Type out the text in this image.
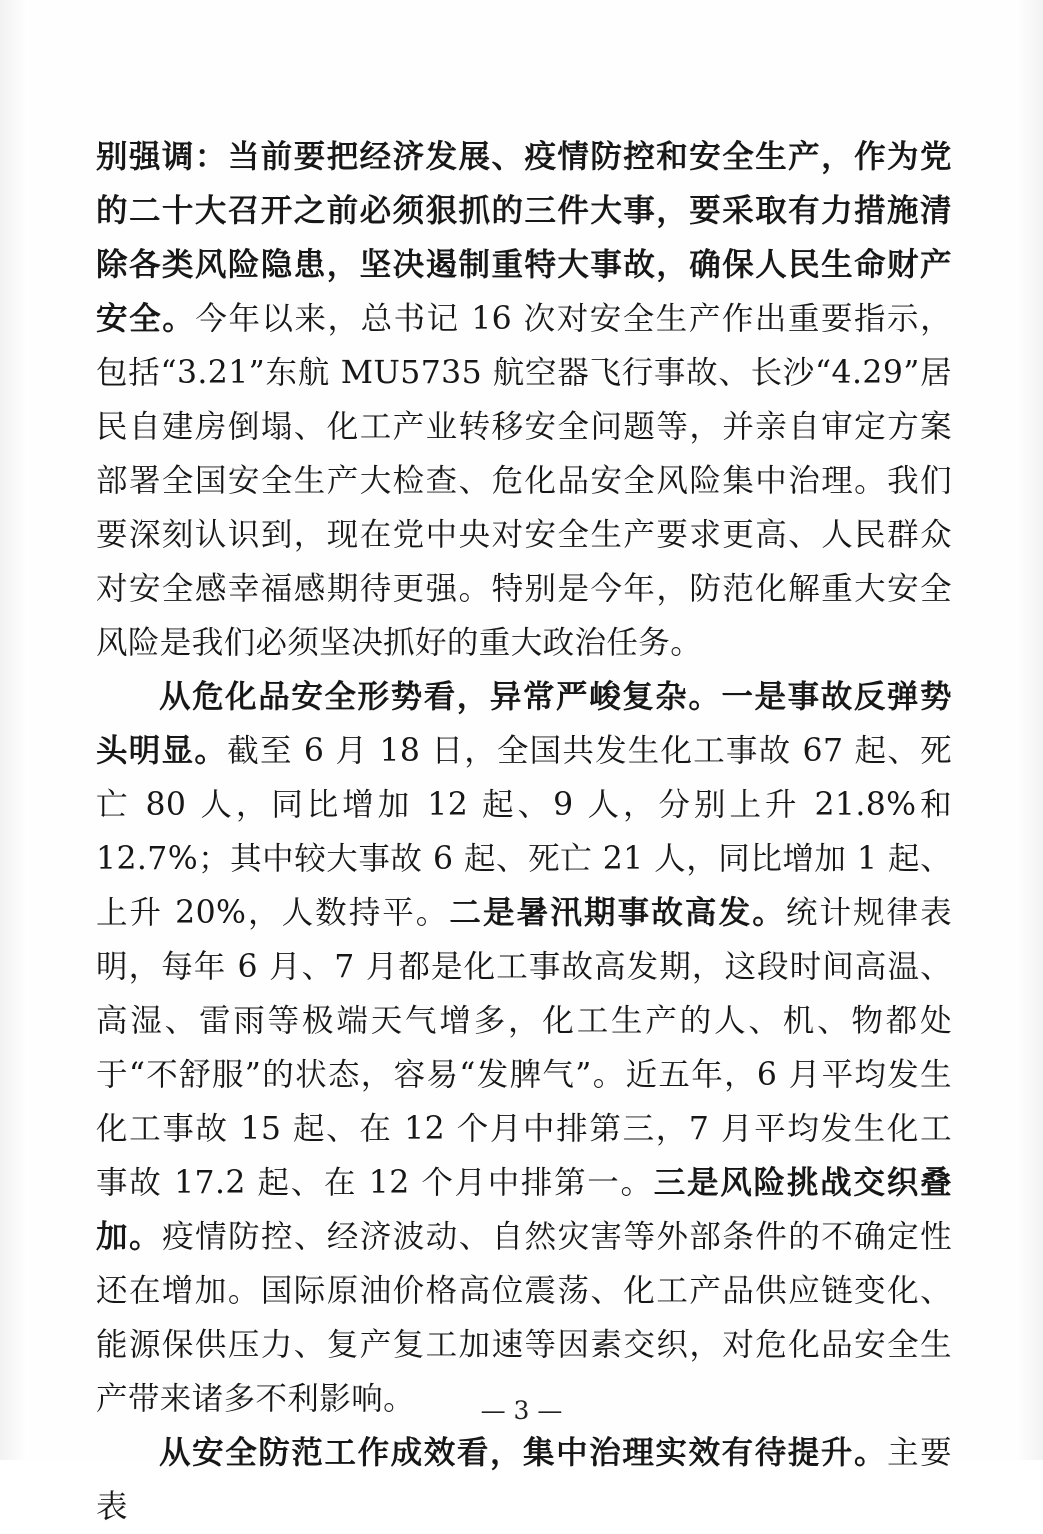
别强调：当前要把经济发展、疫情防控和安全生产，作为党的二十大召开之前必须狠抓的三件大事，要采取有力措施清除各类风险隐患，坚决遏制重特大事故，确保人民生命财产安全。今年以来，总书记 16 次对安全生产作出重要指示，包括“3.21”东航 MU5735 航空器飞行事故、长沙“4.29”居民自建房倒塌、化工产业转移安全问题等，并亲自审定方案部署全国安全生产大检查、危化品安全风险集中治理。我们要深刻认识到，现在党中央对安全生产要求更高、人民群众对安全感幸福感期待更强。特别是今年，防范化解重大安全风险是我们必须坚决抓好的重大政治任务。

从危化品安全形势看，异常严峻复杂。一是事故反弹势头明显。截至 6 月 18 日，全国共发生化工事故 67 起、死亡 80 人，同比增加 12 起、9 人，分别上升 21.8%和 12.7%；其中较大事故 6 起、死亡 21 人，同比增加 1 起、上升 20%，人数持平。二是暑汛期事故高发。统计规律表明，每年 6 月、7 月都是化工事故高发期，这段时间高温、高湿、雷雨等极端天气增多，化工生产的人、机、物都处于“不舒服”的状态，容易“发脾气”。近五年，6 月平均发生化工事故 15 起、在 12 个月中排第三，7 月平均发生化工事故 17.2 起、在 12 个月中排第一。三是风险挑战交织叠加。疫情防控、经济波动、自然灾害等外部条件的不确定性还在增加。国际原油价格高位震荡、化工产品供应链变化、能源保供压力、复产复工加速等因素交织，对危化品安全生产带来诸多不利影响。

从安全防范工作成效看，集中治理实效有待提升。主要表

— 3 —
